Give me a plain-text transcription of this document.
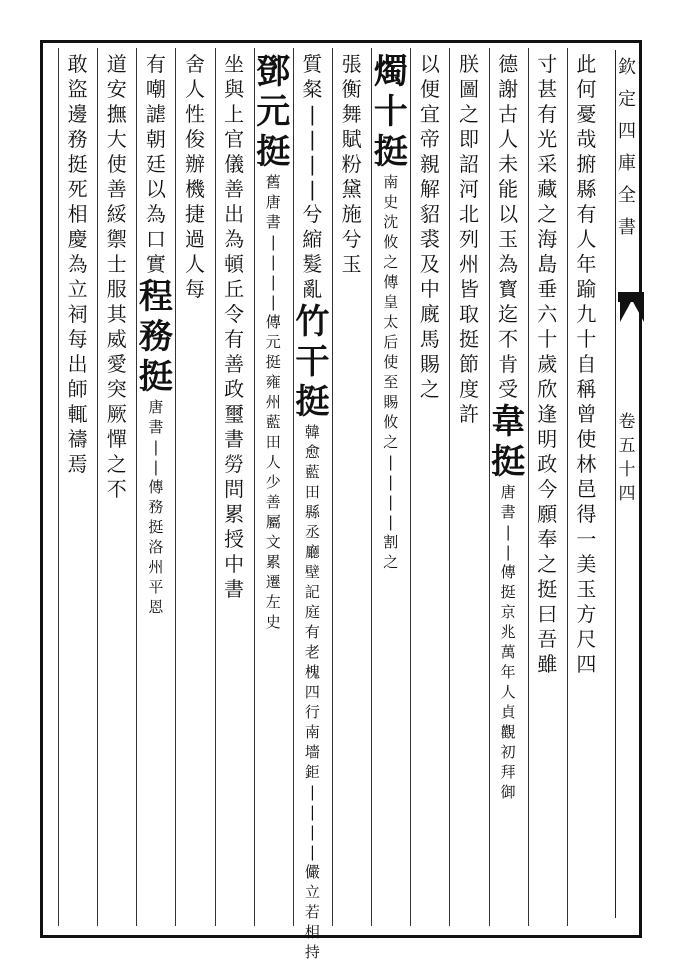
欽
定
四
庫
全
書
卷
五
十
四
此
何
憂
哉
捬
縣
有
人
年
踰
九
十
自
稱
曾
使
林
邑
得
一
美
玉
方
尺
四
寸
甚
有
光
采
藏
之
海
島
垂
六
十
歲
欣
逢
明
政
今
願
奉
之
挺
曰
吾
雖
德
謝
古
人
未
能
以
玉
為
寳
迄
不
肯
受
韋
挺
唐
書
|
|
傳
挺
京
兆
萬
年
人
貞
觀
初
拜
御
朕
圖
之
即
詔
河
北
列
州
皆
取
挺
節
度
許
以
便
宜
帝
親
解
貂
裘
及
中
廐
馬
賜
之
燭
十
挺
南
史
沈
攸
之
傳
皇
太
后
使
至
賜
攸
之
|
|
|
|
割
之
張
衡
舞
賦
粉
黛
施
兮
玉
質
粲
|
|
|
|
兮
縮
髮
亂
竹
干
挺
韓
愈
藍
田
縣
丞
廳
壁
記
庭
有
老
槐
四
行
南
墻
鉅
|
|
|
|
儼
立
若
相
持
鄧
元
挺
舊
唐
書
|
|
|
|
傳
元
挺
雍
州
藍
田
人
少
善
屬
文
累
遷
左
史
坐
與
上
官
儀
善
出
為
頓
丘
令
有
善
政
璽
書
勞
問
累
授
中
書
舍
人
性
俊
辦
機
捷
過
人
每
有
嘲
謔
朝
廷
以
為
口
實
程
務
挺
唐
書
|
|
傳
務
挺
洛
州
平
恩
道
安
撫
大
使
善
綏
禦
士
服
其
威
愛
突
厥
憚
之
不
敢
盜
邊
務
挺
死
相
慶
為
立
祠
每
出
師
輒
禱
焉
